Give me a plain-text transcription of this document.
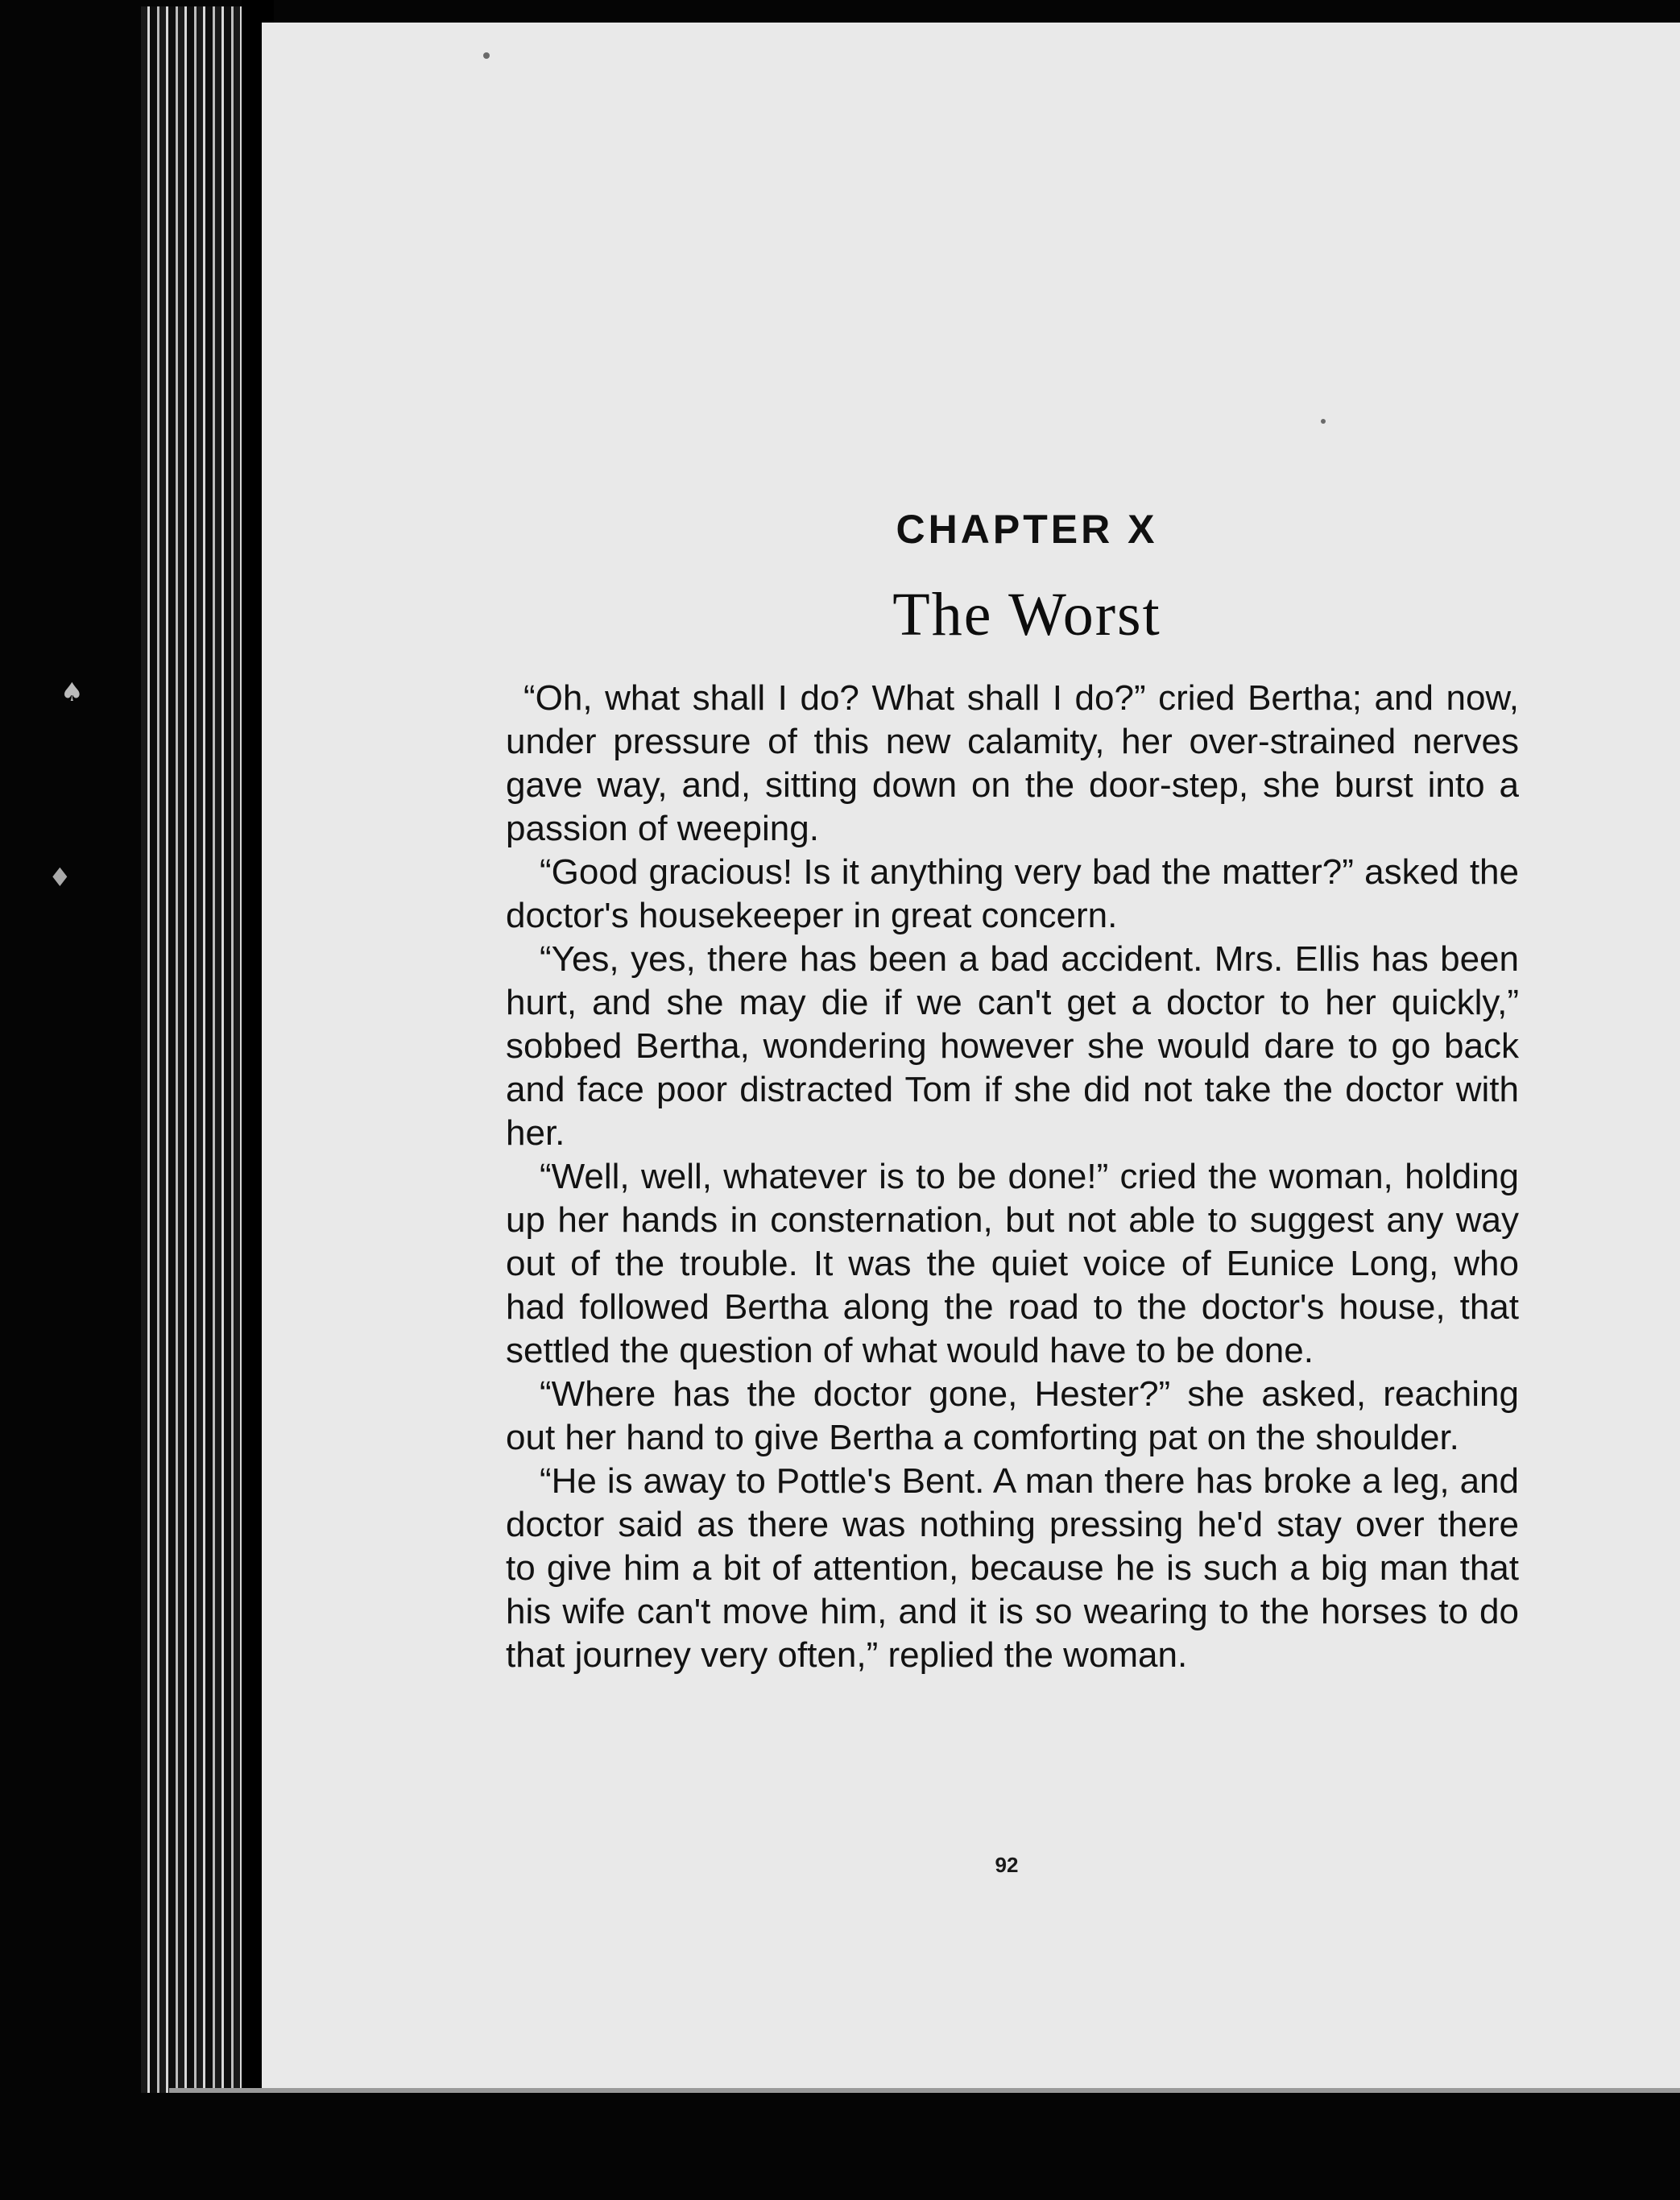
♠
♦
CHAPTER X
The Worst

“Oh, what shall I do? What shall I do?” cried Bertha; and now, under pressure of this new calamity, her over-strained nerves gave way, and, sitting down on the door-step, she burst into a passion of weeping.

“Good gracious! Is it anything very bad the matter?” asked the doctor's housekeeper in great concern.

“Yes, yes, there has been a bad accident. Mrs. Ellis has been hurt, and she may die if we can't get a doctor to her quickly,” sobbed Bertha, wondering however she would dare to go back and face poor distracted Tom if she did not take the doctor with her.

“Well, well, whatever is to be done!” cried the woman, holding up her hands in consternation, but not able to suggest any way out of the trouble. It was the quiet voice of Eunice Long, who had followed Bertha along the road to the doctor's house, that settled the question of what would have to be done.

“Where has the doctor gone, Hester?” she asked, reaching out her hand to give Bertha a comforting pat on the shoulder.

“He is away to Pottle's Bent. A man there has broke a leg, and doctor said as there was nothing pressing he'd stay over there to give him a bit of attention, because he is such a big man that his wife can't move him, and it is so wearing to the horses to do that journey very often,” replied the woman.

92
